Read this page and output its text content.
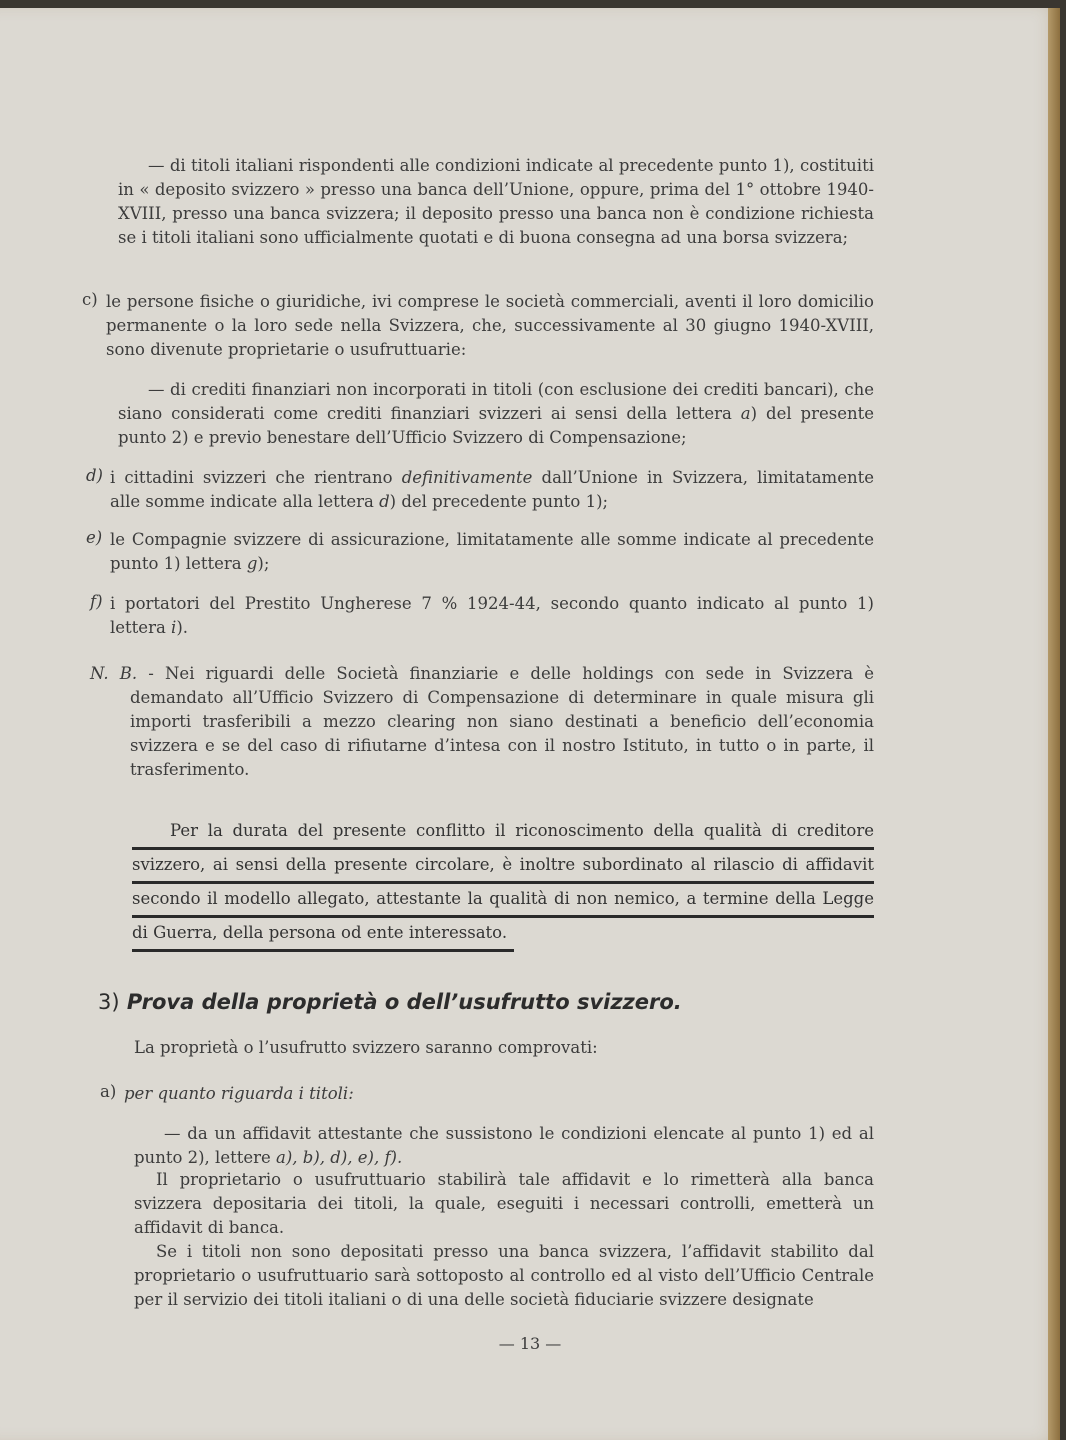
— di titoli italiani rispondenti alle condizioni indicate al precedente punto 1), costituiti in « deposito svizzero » presso una banca dell’Unione, oppure, prima del 1° ottobre 1940-XVIII, presso una banca svizzera; il deposito presso una banca non è condizione richiesta se i titoli italiani sono ufficialmente quotati e di buona consegna ad una borsa svizzera;
c) le persone fisiche o giuridiche, ivi comprese le società commerciali, aventi il loro domicilio permanente o la loro sede nella Svizzera, che, successivamente al 30 giugno 1940-XVIII, sono divenute proprietarie o usufruttuarie:
— di crediti finanziari non incorporati in titoli (con esclusione dei crediti bancari), che siano considerati come crediti finanziari svizzeri ai sensi della lettera a) del presente punto 2) e previo benestare dell’Ufficio Svizzero di Compensazione;
d) i cittadini svizzeri che rientrano definitivamente dall’Unione in Svizzera, limitatamente alle somme indicate alla lettera d) del precedente punto 1);
e) le Compagnie svizzere di assicurazione, limitatamente alle somme indicate al precedente punto 1) lettera g);
f) i portatori del Prestito Ungherese 7 % 1924-44, secondo quanto indicato al punto 1) lettera i).
N. B. - Nei riguardi delle Società finanziarie e delle holdings con sede in Svizzera è demandato all’Ufficio Svizzero di Compensazione di determinare in quale misura gli importi trasferibili a mezzo clearing non siano destinati a beneficio dell’economia svizzera e se del caso di rifiutarne d’intesa con il nostro Istituto, in tutto o in parte, il trasferimento.
Per la durata del presente conflitto il riconoscimento della qualità di creditore
svizzero, ai sensi della presente circolare, è inoltre subordinato al rilascio di affidavit
secondo il modello allegato, attestante la qualità di non nemico, a termine della Legge
di Guerra, della persona od ente interessato.
3) Prova della proprietà o dell’usufrutto svizzero.
La proprietà o l’usufrutto svizzero saranno comprovati:
a) per quanto riguarda i titoli:
— da un affidavit attestante che sussistono le condizioni elencate al punto 1) ed al punto 2), lettere a), b), d), e), f).
Il proprietario o usufruttuario stabilirà tale affidavit e lo rimetterà alla banca svizzera depositaria dei titoli, la quale, eseguiti i necessari controlli, emetterà un affidavit di banca.
Se i titoli non sono depositati presso una banca svizzera, l’affidavit stabilito dal proprietario o usufruttuario sarà sottoposto al controllo ed al visto dell’Ufficio Centrale per il servizio dei titoli italiani o di una delle società fiduciarie svizzere designate
— 13 —
